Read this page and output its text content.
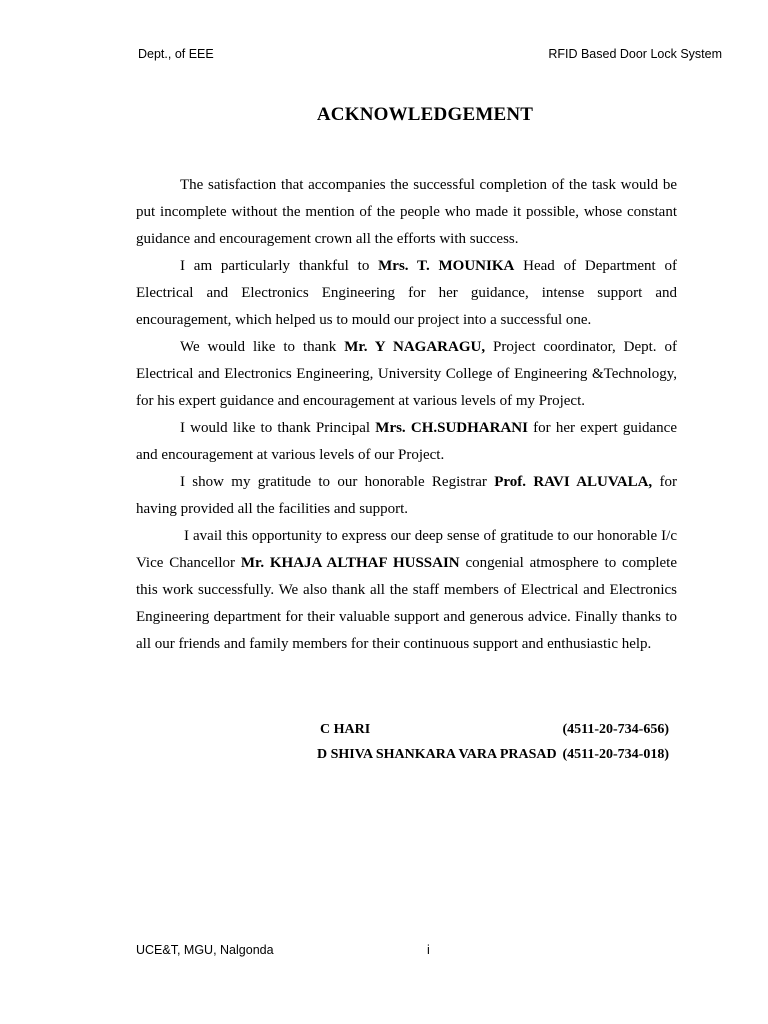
Dept., of EEE	RFID Based Door Lock System
ACKNOWLEDGEMENT

The satisfaction that accompanies the successful completion of the task would be put incomplete without the mention of the people who made it possible, whose constant guidance and encouragement crown all the efforts with success.

I am particularly thankful to Mrs. T. MOUNIKA Head of Department of Electrical and Electronics Engineering for her guidance, intense support and encouragement, which helped us to mould our project into a successful one.

We would like to thank Mr. Y NAGARAGU, Project coordinator, Dept. of Electrical and Electronics Engineering, University College of Engineering &Technology, for his expert guidance and encouragement at various levels of my Project.

I would like to thank Principal Mrs. CH.SUDHARANI for her expert guidance and encouragement at various levels of our Project.

I show my gratitude to our honorable Registrar Prof. RAVI ALUVALA, for having provided all the facilities and support.

I avail this opportunity to express our deep sense of gratitude to our honorable I/c Vice Chancellor Mr. KHAJA ALTHAF HUSSAIN congenial atmosphere to complete this work successfully. We also thank all the staff members of Electrical and Electronics Engineering department for their valuable support and generous advice. Finally thanks to all our friends and family members for their continuous support and enthusiastic help.

C HARI	(4511-20-734-656)
D SHIVA SHANKARA VARA PRASAD (4511-20-734-018)
UCE&T, MGU, Nalgonda	i
